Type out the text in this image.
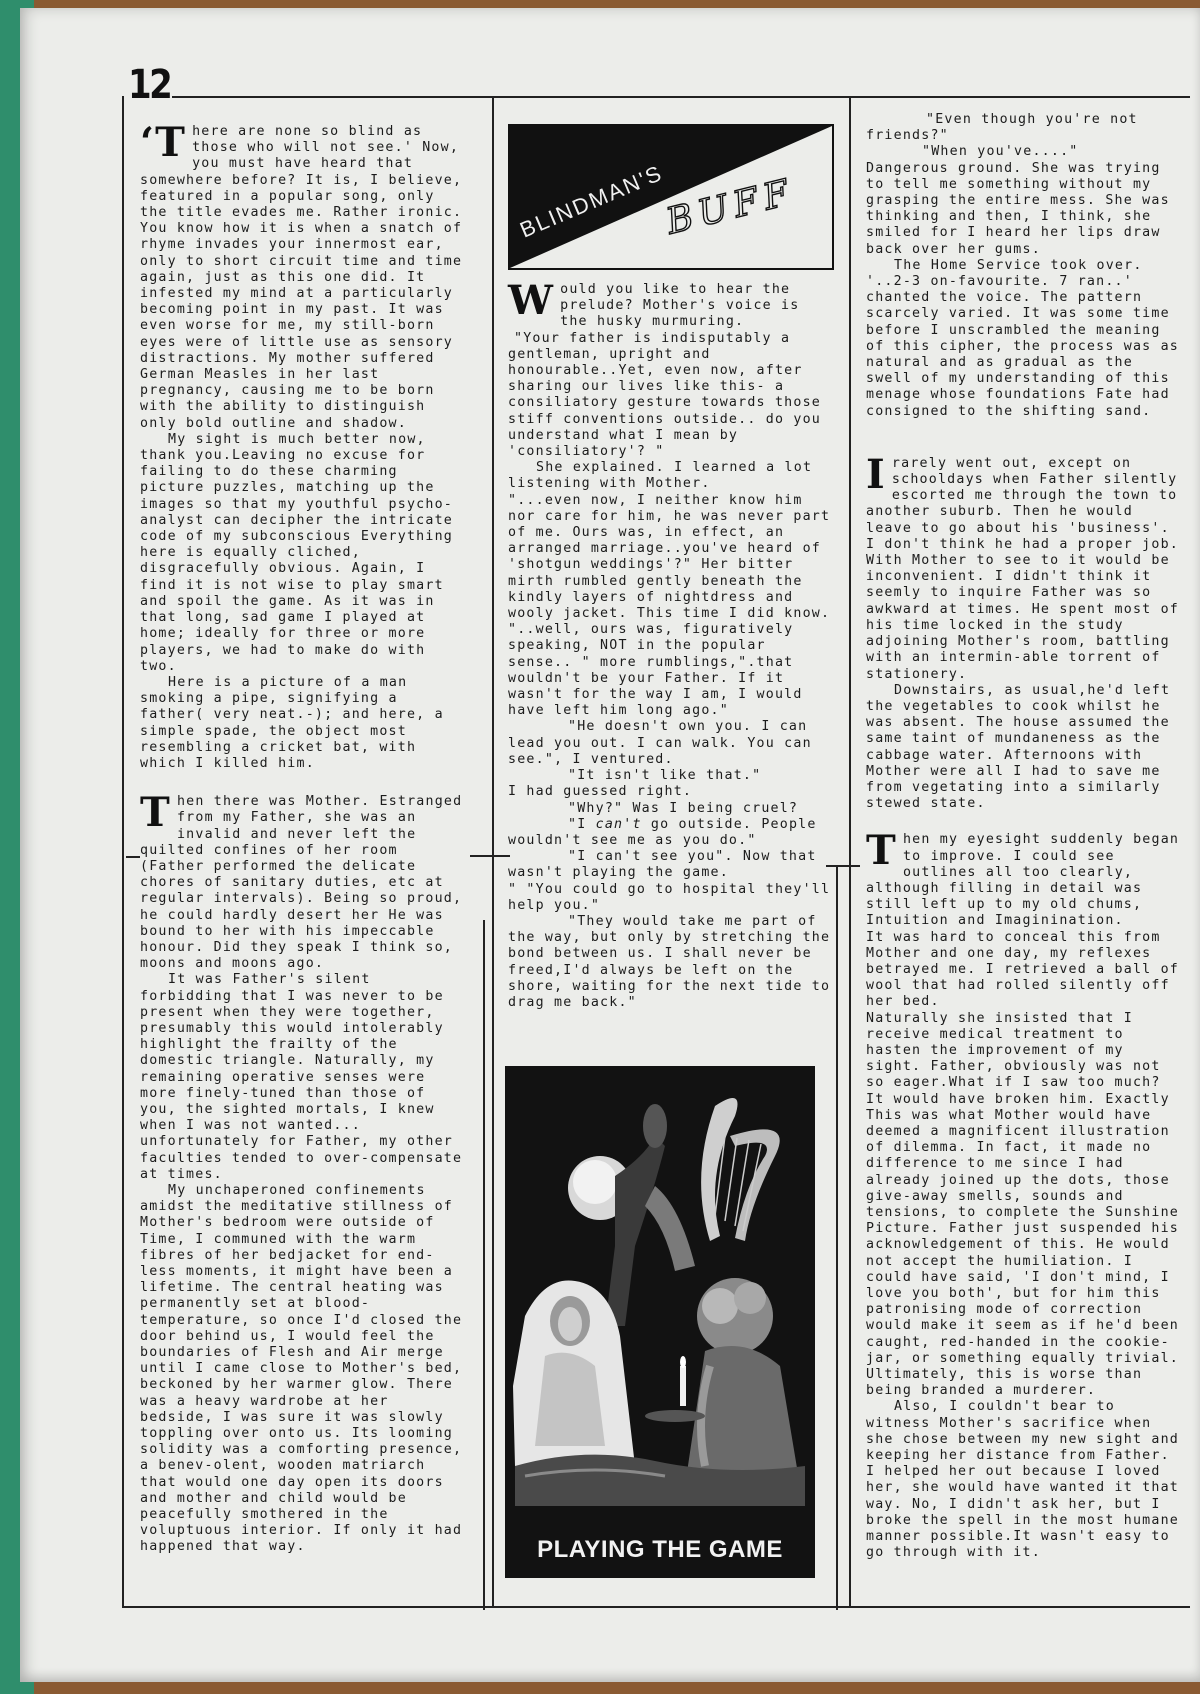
12

‘There are none so blind as those who will not see.' Now, you must have heard that somewhere before? It is, I believe, featured in a popular song, only the title evades me. Rather ironic. You know how it is when a snatch of rhyme invades your innermost ear, only to short circuit time and time again, just as this one did. It infested my mind at a particularly becoming point in my past. It was even worse for me, my still-born eyes were of little use as sensory distractions. My mother suffered German Measles in her last pregnancy, causing me to be born with the ability to distinguish only bold outline and shadow.

My sight is much better now, thank you.Leaving no excuse for failing to do these charming picture puzzles, matching up the images so that my youthful psycho-analyst can decipher the intricate code of my subconscious Everything here is equally cliched, disgracefully obvious. Again, I find it is not wise to play smart and spoil the game. As it was in that long, sad game I played at home; ideally for three or more players, we had to make do with two.

Here is a picture of a man smoking a pipe, signifying a father( very neat.-); and here, a simple spade, the object most resembling a cricket bat, with which I killed him.

Then there was Mother. Estranged from my Father, she was an invalid and never left the quilted confines of her room (Father performed the delicate chores of sanitary duties, etc at regular intervals). Being so proud, he could hardly desert her He was bound to her with his impeccable honour. Did they speak I think so, moons and moons ago.

It was Father's silent forbidding that I was never to be present when they were together, presumably this would intolerably highlight the frailty of the domestic triangle. Naturally, my remaining operative senses were more finely-tuned than those of you, the sighted mortals, I knew when I was not wanted... unfortunately for Father, my other faculties tended to over-compensate at times.

My unchaperoned confinements amidst the meditative stillness of Mother's bedroom were outside of Time, I communed with the warm fibres of her bedjacket for end-less moments, it might have been a lifetime. The central heating was permanently set at blood-temperature, so once I'd closed the door behind us, I would feel the boundaries of Flesh and Air merge until I came close to Mother's bed, beckoned by her warmer glow. There was a heavy wardrobe at her bedside, I was sure it was slowly toppling over onto us. Its looming solidity was a comforting presence, a benev-olent, wooden matriarch that would one day open its doors and mother and child would be peacefully smothered in the voluptuous interior. If only it had happened that way.

BLINDMAN'S
BUFF

Would you like to hear the prelude? Mother's voice is the husky murmuring.

"Your father is indisputably a gentleman, upright and honourable..Yet, even now, after sharing our lives like this- a consiliatory gesture towards those stiff conventions outside.. do you understand what I mean by 'consiliatory'? "

She explained. I learned a lot listening with Mother.

"...even now, I neither know him nor care for him, he was never part of me. Ours was, in effect, an arranged marriage..you've heard of 'shotgun weddings'?" Her bitter mirth rumbled gently beneath the kindly layers of nightdress and wooly jacket. This time I did know.

"..well, ours was, figuratively speaking, NOT in the popular sense.. " more rumblings,".that wouldn't be your Father. If it wasn't for the way I am, I would have left him long ago."

"He doesn't own you. I can lead you out. I can walk. You can see.", I ventured.

"It isn't like that."

I had guessed right.

"Why?" Was I being cruel?

"I can't go outside. People wouldn't see me as you do."

"I can't see you". Now that wasn't playing the game.

" "You could go to hospital they'll help you."

"They would take me part of the way, but only by stretching the bond between us. I shall never be freed,I'd always be left on the shore, waiting for the next tide to drag me back."

PLAYING THE GAME

"Even though you're not friends?"

"When you've...."

Dangerous ground. She was trying to tell me something without my grasping the entire mess. She was thinking and then, I think, she smiled for I heard her lips draw back over her gums.

The Home Service took over. '..2-3 on-favourite. 7 ran..' chanted the voice. The pattern scarcely varied. It was some time before I unscrambled the meaning of this cipher, the process was as natural and as gradual as the swell of my understanding of this menage whose foundations Fate had consigned to the shifting sand.

Irarely went out, except on schooldays when Father silently escorted me through the town to another suburb. Then he would leave to go about his 'business'. I don't think he had a proper job. With Mother to see to it would be inconvenient. I didn't think it seemly to inquire Father was so awkward at times. He spent most of his time locked in the study adjoining Mother's room, battling with an intermin-able torrent of stationery.

Downstairs, as usual,he'd left the vegetables to cook whilst he was absent. The house assumed the same taint of mundaneness as the cabbage water. Afternoons with Mother were all I had to save me from vegetating into a similarly stewed state.

Then my eyesight suddenly began to improve. I could see outlines all too clearly, although filling in detail was still left up to my old chums, Intuition and Imaginination.

It was hard to conceal this from Mother and one day, my reflexes betrayed me. I retrieved a ball of wool that had rolled silently off her bed.

Naturally she insisted that I receive medical treatment to hasten the improvement of my sight. Father, obviously was not so eager.What if I saw too much? It would have broken him. Exactly This was what Mother would have deemed a magnificent illustration of dilemma. In fact, it made no difference to me since I had already joined up the dots, those give-away smells, sounds and tensions, to complete the Sunshine Picture. Father just suspended his acknowledgement of this. He would not accept the humiliation. I could have said, 'I don't mind, I love you both', but for him this patronising mode of correction would make it seem as if he'd been caught, red-handed in the cookie-jar, or something equally trivial. Ultimately, this is worse than being branded a murderer.

Also, I couldn't bear to witness Mother's sacrifice when she chose between my new sight and keeping her distance from Father.

I helped her out because I loved her, she would have wanted it that way. No, I didn't ask her, but I broke the spell in the most humane manner possible.It wasn't easy to go through with it.
